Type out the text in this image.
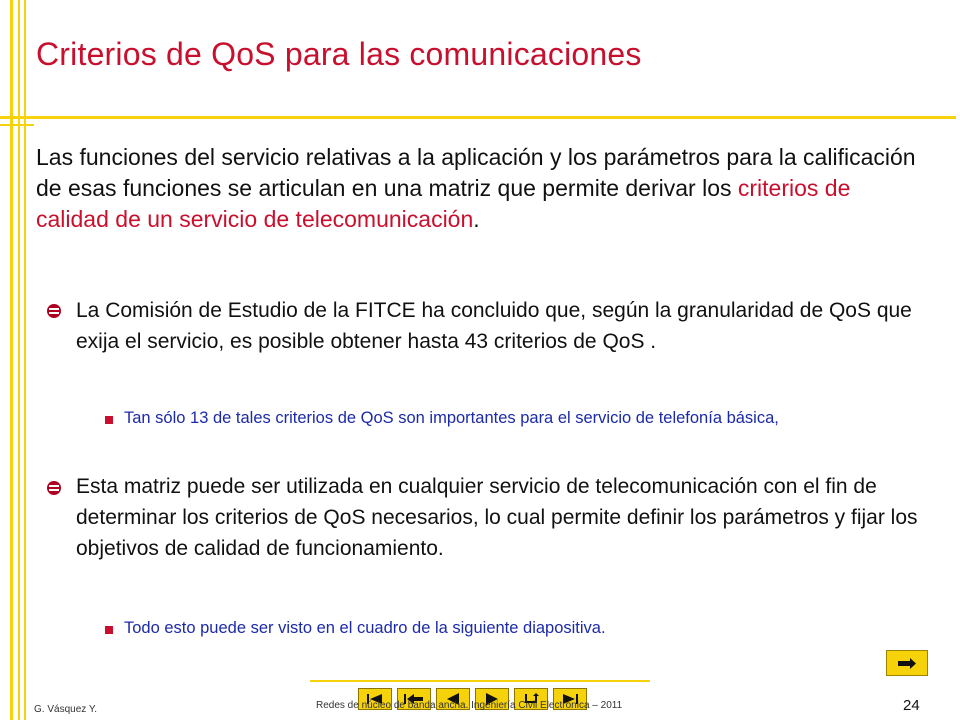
Criterios de QoS para las comunicaciones

Las funciones del servicio relativas a la aplicación y los parámetros para la calificación de esas funciones se articulan en una matriz que permite derivar los criterios de calidad de un servicio de telecomunicación.

La Comisión de Estudio de la FITCE ha concluido que, según la granularidad de QoS que exija el servicio, es posible obtener hasta 43 criterios de QoS .

Tan sólo 13 de tales criterios de QoS son importantes para el servicio de telefonía básica,

Esta matriz puede ser utilizada en cualquier servicio de telecomunicación con el fin de determinar los criterios de QoS necesarios, lo cual permite definir los parámetros y fijar los objetivos de calidad de funcionamiento.

Todo esto puede ser visto en el cuadro de la siguiente diapositiva.

G. Vásquez Y.	Redes de núcleo de banda ancha. Ingeniería Civil Electrónica – 2011	24
